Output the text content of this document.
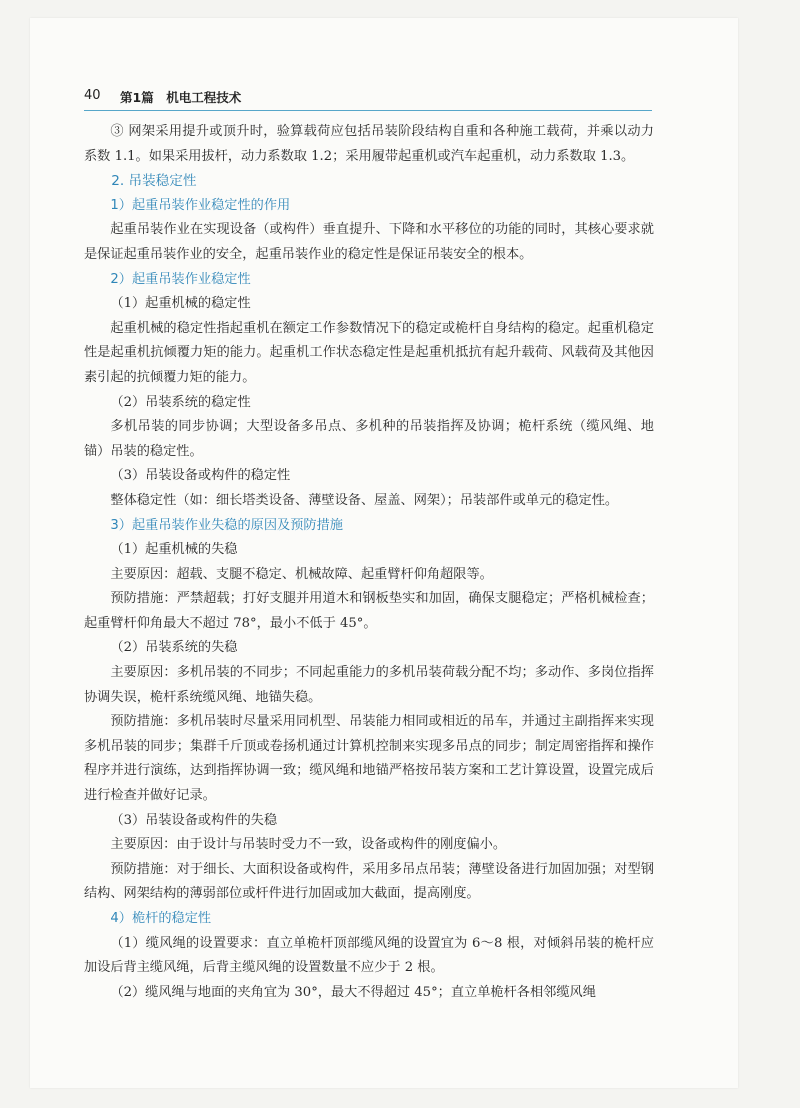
40 第1篇　机电工程技术

③ 网架采用提升或顶升时，验算载荷应包括吊装阶段结构自重和各种施工载荷，并乘以动力系数 1.1。如果采用拔杆，动力系数取 1.2；采用履带起重机或汽车起重机，动力系数取 1.3。

2. 吊装稳定性

1）起重吊装作业稳定性的作用

起重吊装作业在实现设备（或构件）垂直提升、下降和水平移位的功能的同时，其核心要求就是保证起重吊装作业的安全，起重吊装作业的稳定性是保证吊装安全的根本。

2）起重吊装作业稳定性

（1）起重机械的稳定性

起重机械的稳定性指起重机在额定工作参数情况下的稳定或桅杆自身结构的稳定。起重机稳定性是起重机抗倾覆力矩的能力。起重机工作状态稳定性是起重机抵抗有起升载荷、风载荷及其他因素引起的抗倾覆力矩的能力。

（2）吊装系统的稳定性

多机吊装的同步协调；大型设备多吊点、多机种的吊装指挥及协调；桅杆系统（缆风绳、地锚）吊装的稳定性。

（3）吊装设备或构件的稳定性

整体稳定性（如：细长塔类设备、薄壁设备、屋盖、网架）；吊装部件或单元的稳定性。

3）起重吊装作业失稳的原因及预防措施

（1）起重机械的失稳

主要原因：超载、支腿不稳定、机械故障、起重臂杆仰角超限等。

预防措施：严禁超载；打好支腿并用道木和钢板垫实和加固，确保支腿稳定；严格机械检查；起重臂杆仰角最大不超过 78°，最小不低于 45°。

（2）吊装系统的失稳

主要原因：多机吊装的不同步；不同起重能力的多机吊装荷载分配不均；多动作、多岗位指挥协调失误，桅杆系统缆风绳、地锚失稳。

预防措施：多机吊装时尽量采用同机型、吊装能力相同或相近的吊车，并通过主副指挥来实现多机吊装的同步；集群千斤顶或卷扬机通过计算机控制来实现多吊点的同步；制定周密指挥和操作程序并进行演练，达到指挥协调一致；缆风绳和地锚严格按吊装方案和工艺计算设置，设置完成后进行检查并做好记录。

（3）吊装设备或构件的失稳

主要原因：由于设计与吊装时受力不一致，设备或构件的刚度偏小。

预防措施：对于细长、大面积设备或构件，采用多吊点吊装；薄壁设备进行加固加强；对型钢结构、网架结构的薄弱部位或杆件进行加固或加大截面，提高刚度。

4）桅杆的稳定性

（1）缆风绳的设置要求：直立单桅杆顶部缆风绳的设置宜为 6～8 根，对倾斜吊装的桅杆应加设后背主缆风绳，后背主缆风绳的设置数量不应少于 2 根。

（2）缆风绳与地面的夹角宜为 30°，最大不得超过 45°；直立单桅杆各相邻缆风绳
